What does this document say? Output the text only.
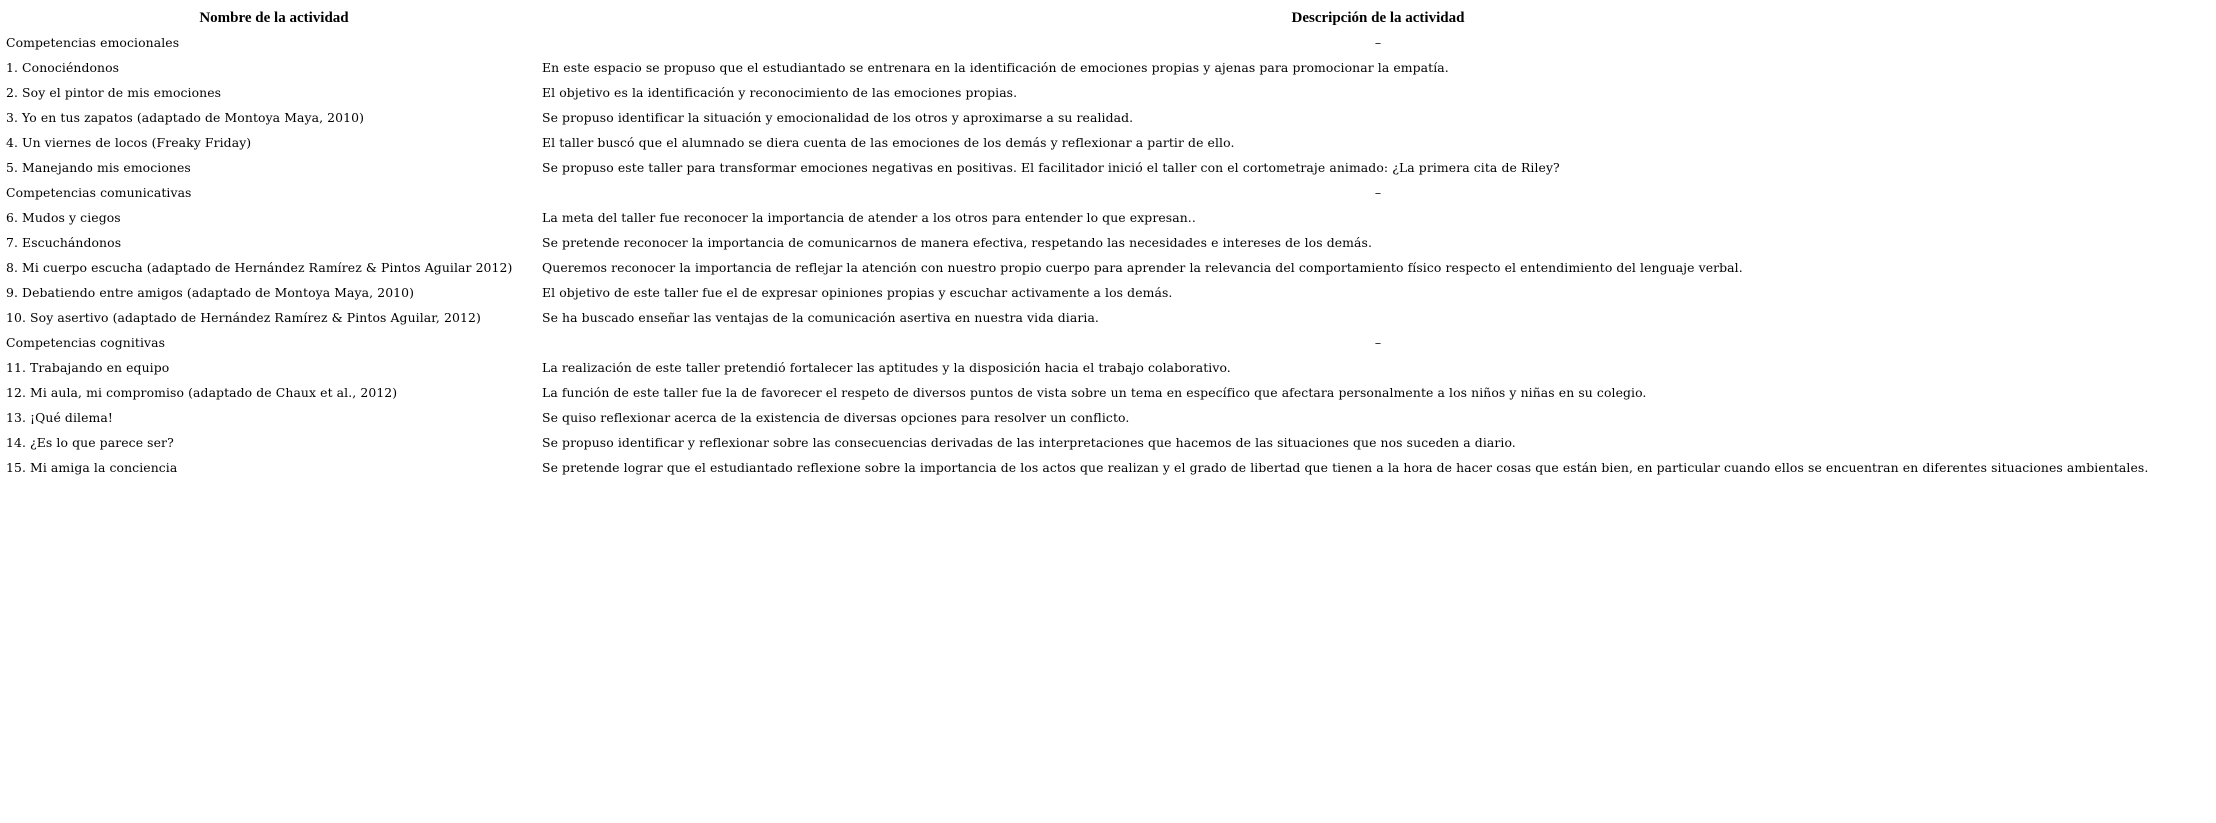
Nombre de la actividad	Descripción de la actividad
Competencias emocionales	–
1. Conociéndonos	En este espacio se propuso que el estudiantado se entrenara en la identificación de emociones propias y ajenas para promocionar la empatía.
2. Soy el pintor de mis emociones	El objetivo es la identificación y reconocimiento de las emociones propias.
3. Yo en tus zapatos (adaptado de Montoya Maya, 2010)	Se propuso identificar la situación y emocionalidad de los otros y aproximarse a su realidad.
4. Un viernes de locos (Freaky Friday)	El taller buscó que el alumnado se diera cuenta de las emociones de los demás y reflexionar a partir de ello.
5. Manejando mis emociones	Se propuso este taller para transformar emociones negativas en positivas. El facilitador inició el taller con el cortometraje animado: ¿La primera cita de Riley?
Competencias comunicativas	–
6. Mudos y ciegos	La meta del taller fue reconocer la importancia de atender a los otros para entender lo que expresan..
7. Escuchándonos	Se pretende reconocer la importancia de comunicarnos de manera efectiva, respetando las necesidades e intereses de los demás.
8. Mi cuerpo escucha (adaptado de Hernández Ramírez & Pintos Aguilar 2012)	Queremos reconocer la importancia de reflejar la atención con nuestro propio cuerpo para aprender la relevancia del comportamiento físico respecto el entendimiento del lenguaje verbal.
9. Debatiendo entre amigos (adaptado de Montoya Maya, 2010)	El objetivo de este taller fue el de expresar opiniones propias y escuchar activamente a los demás.
10. Soy asertivo (adaptado de Hernández Ramírez & Pintos Aguilar, 2012)	Se ha buscado enseñar las ventajas de la comunicación asertiva en nuestra vida diaria.
Competencias cognitivas	–
11. Trabajando en equipo	La realización de este taller pretendió fortalecer las aptitudes y la disposición hacia el trabajo colaborativo.
12. Mi aula, mi compromiso (adaptado de Chaux et al., 2012)	La función de este taller fue la de favorecer el respeto de diversos puntos de vista sobre un tema en específico que afectara personalmente a los niños y niñas en su colegio.
13. ¡Qué dilema!	Se quiso reflexionar acerca de la existencia de diversas opciones para resolver un conflicto.
14. ¿Es lo que parece ser?	Se propuso identificar y reflexionar sobre las consecuencias derivadas de las interpretaciones que hacemos de las situaciones que nos suceden a diario.
15. Mi amiga la conciencia	Se pretende lograr que el estudiantado reflexione sobre la importancia de los actos que realizan y el grado de libertad que tienen a la hora de hacer cosas que están bien, en particular cuando ellos se encuentran en diferentes situaciones ambientales.
